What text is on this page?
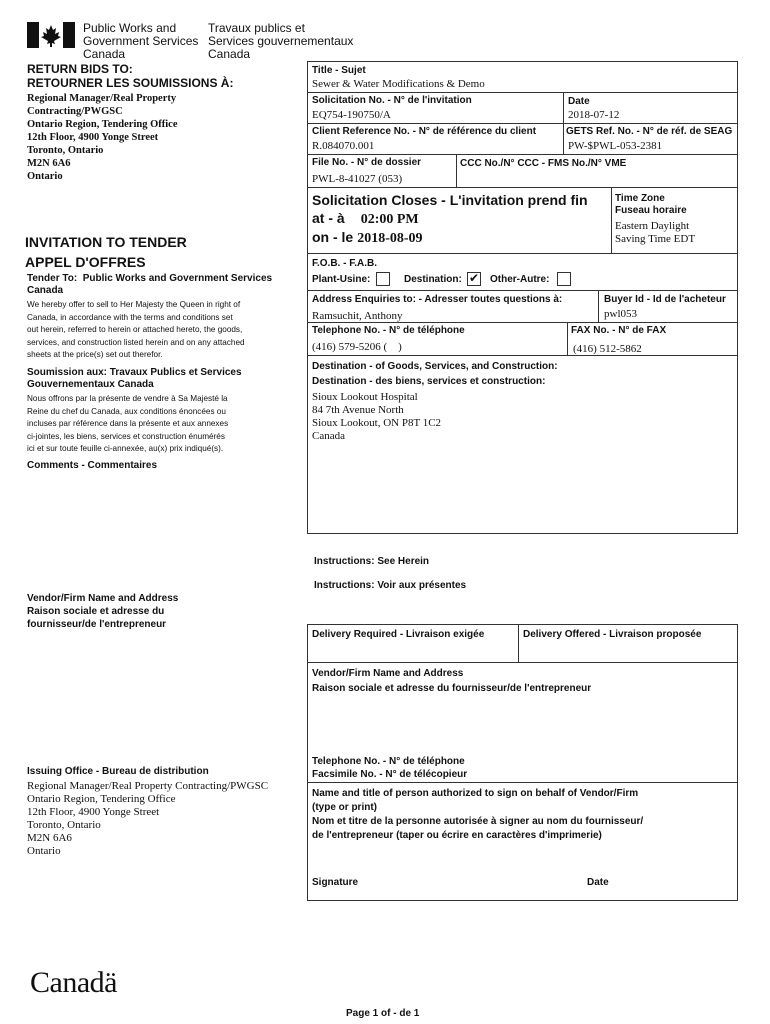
Public Works and
Government Services
Canada
Travaux publics et
Services gouvernementaux
Canada
RETURN BIDS TO:
RETOURNER LES SOUMISSIONS À:
Regional Manager/Real Property
Contracting/PWGSC
Ontario Region, Tendering Office
12th Floor, 4900 Yonge Street
Toronto, Ontario
M2N 6A6
Ontario
INVITATION TO TENDER
APPEL D'OFFRES
Tender To: Public Works and Government Services
Canada
We hereby offer to sell to Her Majesty the Queen in right of
Canada, in accordance with the terms and conditions set
out herein, referred to herein or attached hereto, the goods,
services, and construction listed herein and on any attached
sheets at the price(s) set out therefor.
Soumission aux: Travaux Publics et Services
Gouvernementaux Canada
Nous offrons par la présente de vendre à Sa Majesté la
Reine du chef du Canada, aux conditions énoncées ou
incluses par référence dans la présente et aux annexes
ci-jointes, les biens, services et construction énumérés
ici et sur toute feuille ci-annexée, au(x) prix indiqué(s).
Comments - Commentaires
Vendor/Firm Name and Address
Raison sociale et adresse du
fournisseur/de l'entrepreneur
Issuing Office - Bureau de distribution
Regional Manager/Real Property Contracting/PWGSC
Ontario Region, Tendering Office
12th Floor, 4900 Yonge Street
Toronto, Ontario
M2N 6A6
Ontario
Title - Sujet
Sewer & Water Modifications & Demo
Solicitation No. - N° de l'invitation
EQ754-190750/A
Date
2018-07-12
Client Reference No. - N° de référence du client
R.084070.001
GETS Ref. No. - N° de réf. de SEAG
PW-$PWL-053-2381
File No. - N° de dossier
PWL-8-41027 (053)
CCC No./N° CCC - FMS No./N° VME
Solicitation Closes - L'invitation prend fin
at - à 02:00 PM
on - le 2018-08-09
Time Zone
Fuseau horaire
Eastern Daylight
Saving Time EDT
F.O.B. - F.A.B.
Plant-Usine:	Destination: ✔ Other-Autre:
Address Enquiries to: - Adresser toutes questions à:
Ramsuchit, Anthony
Buyer Id - Id de l'acheteur
pwl053
Telephone No. - N° de téléphone
(416) 579-5206 (    )
FAX No. - N° de FAX
(416) 512-5862
Destination - of Goods, Services, and Construction:
Destination - des biens, services et construction:
Sioux Lookout Hospital
84 7th Avenue North
Sioux Lookout, ON P8T 1C2
Canada
Instructions: See Herein
Instructions: Voir aux présentes
Delivery Required - Livraison exigée	Delivery Offered - Livraison proposée
Vendor/Firm Name and Address
Raison sociale et adresse du fournisseur/de l'entrepreneur
Telephone No. - N° de téléphone
Facsimile No. - N° de télécopieur
Name and title of person authorized to sign on behalf of Vendor/Firm
(type or print)
Nom et titre de la personne autorisée à signer au nom du fournisseur/
de l'entrepreneur (taper ou écrire en caractères d'imprimerie)
Signature	Date
Canadä
Page 1 of - de 1
